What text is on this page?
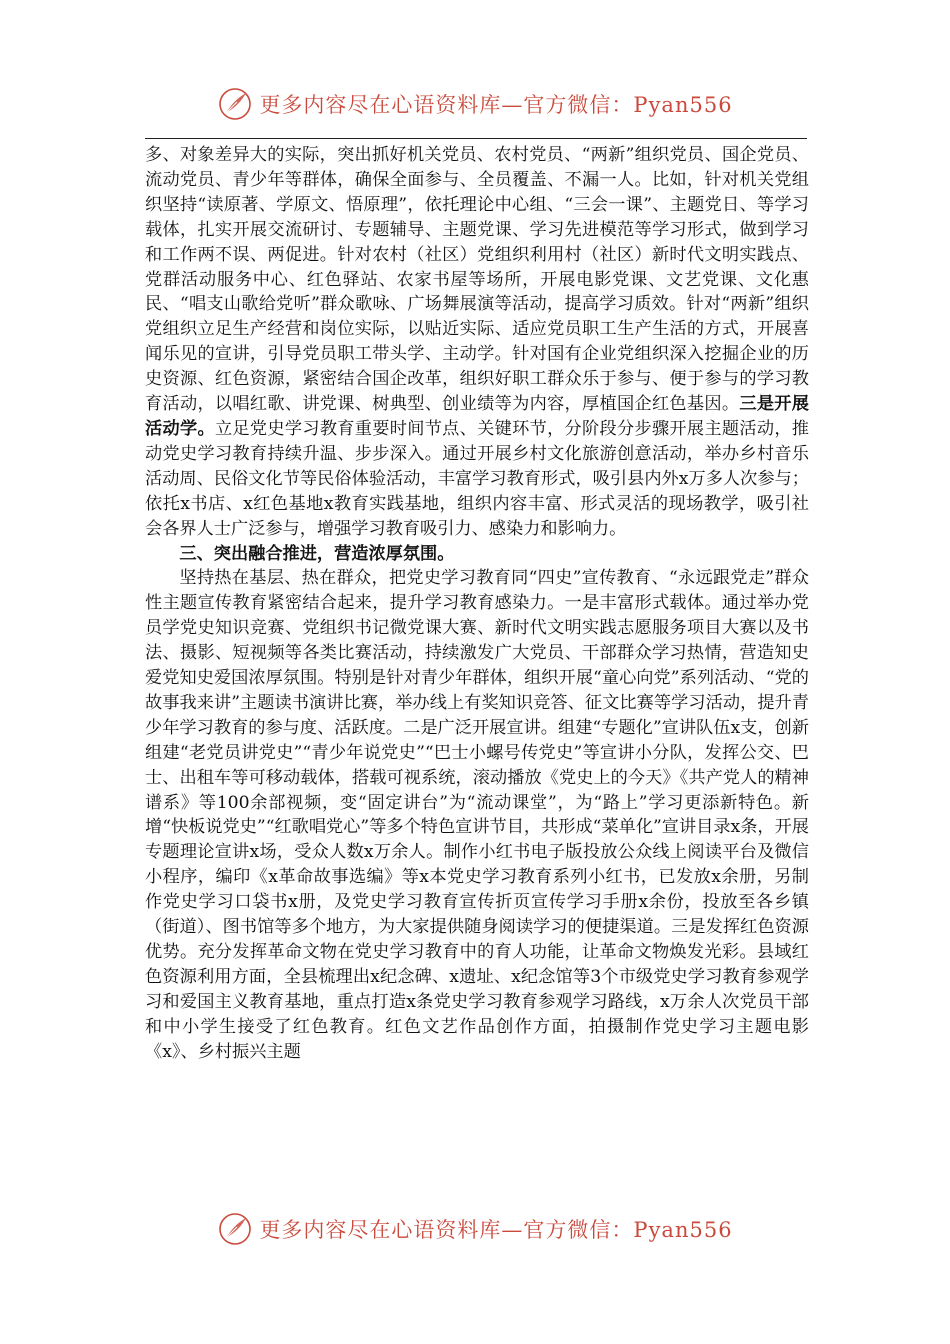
更多内容尽在心语资料库—官方微信：Pyan556

多、对象差异大的实际，突出抓好机关党员、农村党员、“两新”组织党员、国企党员、流动党员、青少年等群体，确保全面参与、全员覆盖、不漏一人。比如，针对机关党组织坚持“读原著、学原文、悟原理”，依托理论中心组、“三会一课”、主题党日、等学习载体，扎实开展交流研讨、专题辅导、主题党课、学习先进模范等学习形式，做到学习和工作两不误、两促进。针对农村（社区）党组织利用村（社区）新时代文明实践点、党群活动服务中心、红色驿站、农家书屋等场所，开展电影党课、文艺党课、文化惠民、“唱支山歌给党听”群众歌咏、广场舞展演等活动，提高学习质效。针对“两新”组织党组织立足生产经营和岗位实际，以贴近实际、适应党员职工生产生活的方式，开展喜闻乐见的宣讲，引导党员职工带头学、主动学。针对国有企业党组织深入挖掘企业的历史资源、红色资源，紧密结合国企改革，组织好职工群众乐于参与、便于参与的学习教育活动，以唱红歌、讲党课、树典型、创业绩等为内容，厚植国企红色基因。三是开展活动学。立足党史学习教育重要时间节点、关键环节，分阶段分步骤开展主题活动，推动党史学习教育持续升温、步步深入。通过开展乡村文化旅游创意活动，举办乡村音乐活动周、民俗文化节等民俗体验活动，丰富学习教育形式，吸引县内外x万多人次参与；依托x书店、x红色基地x教育实践基地，组织内容丰富、形式灵活的现场教学，吸引社会各界人士广泛参与，增强学习教育吸引力、感染力和影响力。

三、突出融合推进，营造浓厚氛围。

坚持热在基层、热在群众，把党史学习教育同“四史”宣传教育、“永远跟党走”群众性主题宣传教育紧密结合起来，提升学习教育感染力。一是丰富形式载体。通过举办党员学党史知识竞赛、党组织书记微党课大赛、新时代文明实践志愿服务项目大赛以及书法、摄影、短视频等各类比赛活动，持续激发广大党员、干部群众学习热情，营造知史爱党知史爱国浓厚氛围。特别是针对青少年群体，组织开展“童心向党”系列活动、“党的故事我来讲”主题读书演讲比赛，举办线上有奖知识竞答、征文比赛等学习活动，提升青少年学习教育的参与度、活跃度。二是广泛开展宣讲。组建“专题化”宣讲队伍x支，创新组建“老党员讲党史”“青少年说党史”“巴士小螺号传党史”等宣讲小分队，发挥公交、巴士、出租车等可移动载体，搭载可视系统，滚动播放《党史上的今天》《共产党人的精神谱系》等100余部视频，变“固定讲台”为“流动课堂”，为“路上”学习更添新特色。新增“快板说党史”“红歌唱党心”等多个特色宣讲节目，共形成“菜单化”宣讲目录x条，开展专题理论宣讲x场，受众人数x万余人。制作小红书电子版投放公众线上阅读平台及微信小程序，编印《x革命故事选编》等x本党史学习教育系列小红书，已发放x余册，另制作党史学习口袋书x册，及党史学习教育宣传折页宣传学习手册x余份，投放至各乡镇（街道）、图书馆等多个地方，为大家提供随身阅读学习的便捷渠道。三是发挥红色资源优势。充分发挥革命文物在党史学习教育中的育人功能，让革命文物焕发光彩。县域红色资源利用方面，全县梳理出x纪念碑、x遗址、x纪念馆等3个市级党史学习教育参观学习和爱国主义教育基地，重点打造x条党史学习教育参观学习路线，x万余人次党员干部和中小学生接受了红色教育。红色文艺作品创作方面，拍摄制作党史学习主题电影《x》、乡村振兴主题

更多内容尽在心语资料库—官方微信：Pyan556
